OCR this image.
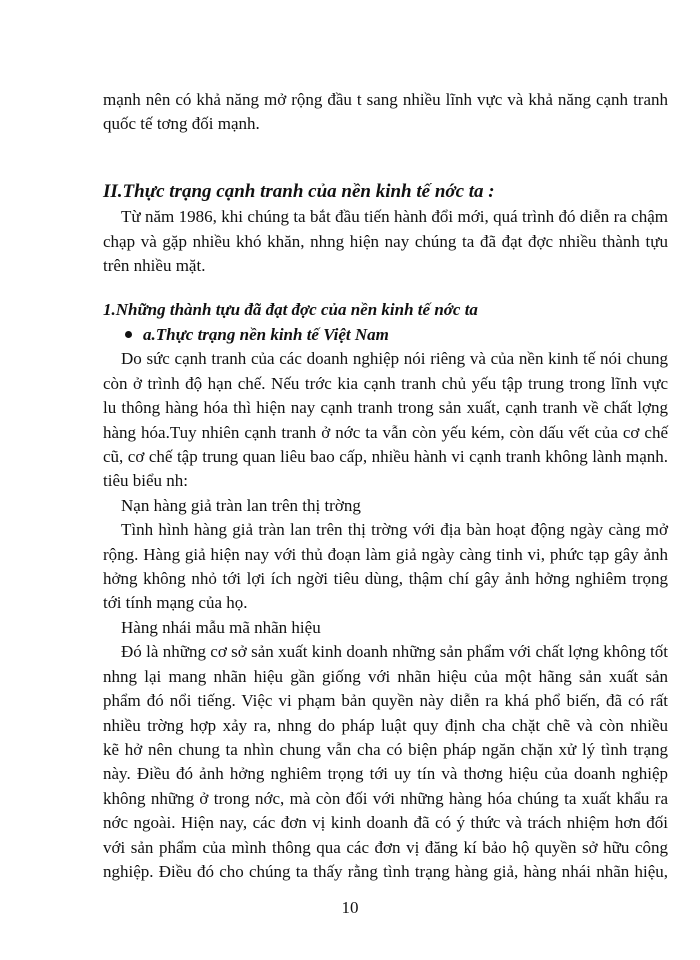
mạnh nên có khả năng mở rộng đầu t sang nhiều lĩnh vực và khả năng cạnh tranh
quốc tế tơng đối mạnh.
II.Thực trạng cạnh tranh của nền kinh tế nớc ta :
Từ năm 1986, khi chúng ta bắt đầu tiến hành đổi mới, quá trình đó diễn ra chậm
chạp và gặp nhiều khó khăn, nhng hiện nay chúng ta đã đạt đợc nhiều thành tựu
trên nhiều mặt.
1.Những thành tựu đã đạt đợc của nền kinh tế nớc ta
a.Thực trạng nền kinh tế Việt Nam
Do sức cạnh tranh của các doanh nghiệp nói riêng và của nền kinh tế nói chung
còn ở trình độ hạn chế. Nếu trớc kia cạnh tranh chủ yếu tập trung trong lĩnh vực
lu thông hàng hóa thì hiện nay cạnh tranh trong sản xuất, cạnh tranh về chất lợng
hàng hóa.Tuy nhiên cạnh tranh ở nớc ta vẫn còn yếu kém, còn dấu vết của cơ chế
cũ, cơ chế tập trung quan liêu bao cấp, nhiều hành vi cạnh tranh không lành mạnh.
tiêu biểu nh:
Nạn hàng giả tràn lan trên thị trờng
Tình hình hàng giả tràn lan trên thị trờng với địa bàn hoạt động ngày càng mở
rộng. Hàng giả hiện nay với thủ đoạn làm giả ngày càng tinh vi, phức tạp gây ảnh
hởng không nhỏ tới lợi ích ngời tiêu dùng, thậm chí gây ảnh hởng nghiêm trọng
tới tính mạng của họ.
Hàng nhái mẫu mã nhãn hiệu
Đó là những cơ sở sản xuất kinh doanh những sản phẩm với chất lợng không tốt
nhng lại mang nhãn hiệu gần giống với nhãn hiệu của một hãng sản xuất sản
phẩm đó nổi tiếng. Việc vi phạm bản quyền này diễn ra khá phổ biến, đã có rất
nhiều trờng hợp xảy ra, nhng do pháp luật quy định cha chặt chẽ và còn nhiều
kẽ hở nên chung ta nhìn chung vẫn cha có biện pháp ngăn chặn xử lý tình trạng
này. Điều đó ảnh hởng nghiêm trọng tới uy tín và thơng hiệu của doanh nghiệp
không những ở trong nớc, mà còn đối với những hàng hóa chúng ta xuất khẩu ra
nớc ngoài. Hiện nay, các đơn vị kinh doanh đã có ý thức và trách nhiệm hơn đối
với sản phẩm của mình thông qua các đơn vị đăng kí bảo hộ quyền sở hữu công
nghiệp. Điều đó cho chúng ta thấy rằng tình trạng hàng giả, hàng nhái nhãn hiệu,
10
